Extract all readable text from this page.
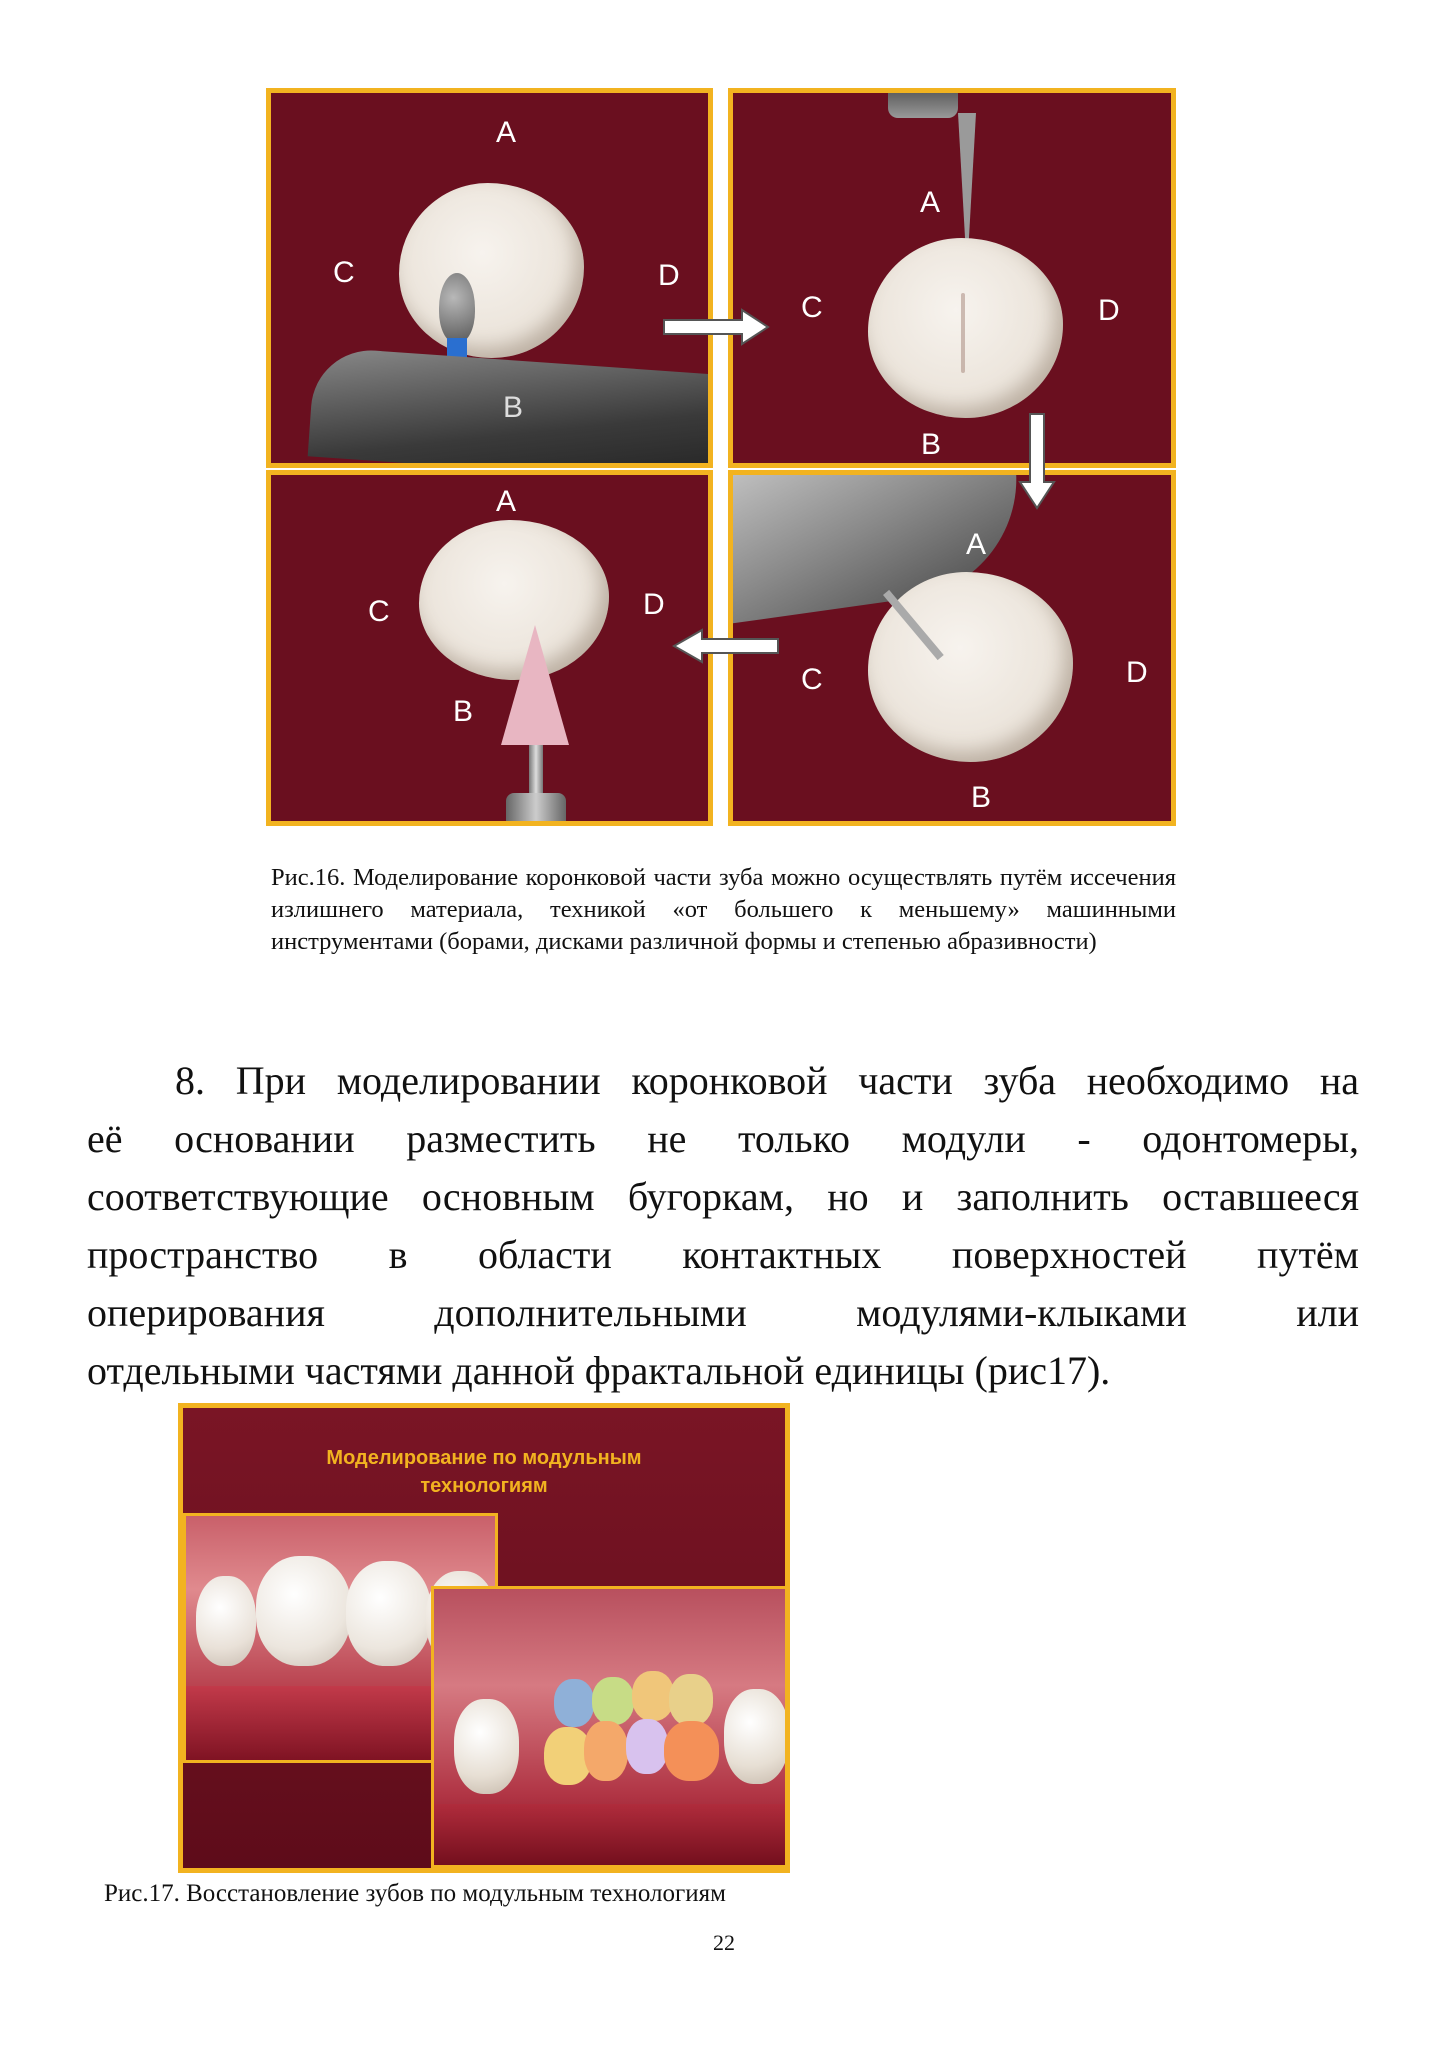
A
C	D
B
A
C	D
B
A
C	D
B
A
C	D
B
Рис.16. Моделирование коронковой части зуба можно осуществлять путём иссечения излишнего материала, техникой «от большего к меньшему» машинными инструментами (борами, дисками различной формы и степенью абразивности)
8. При моделировании коронковой части зуба необходимо на
её основании разместить не только модули - одонтомеры,
соответствующие основным бугоркам, но и заполнить оставшееся
пространство в области контактных поверхностей путём
оперирования дополнительными модулями-клыками или
отдельными частями данной фрактальной единицы (рис17).
Моделирование по модульным
технологиям
Рис.17. Восстановление зубов по модульным технологиям
22
